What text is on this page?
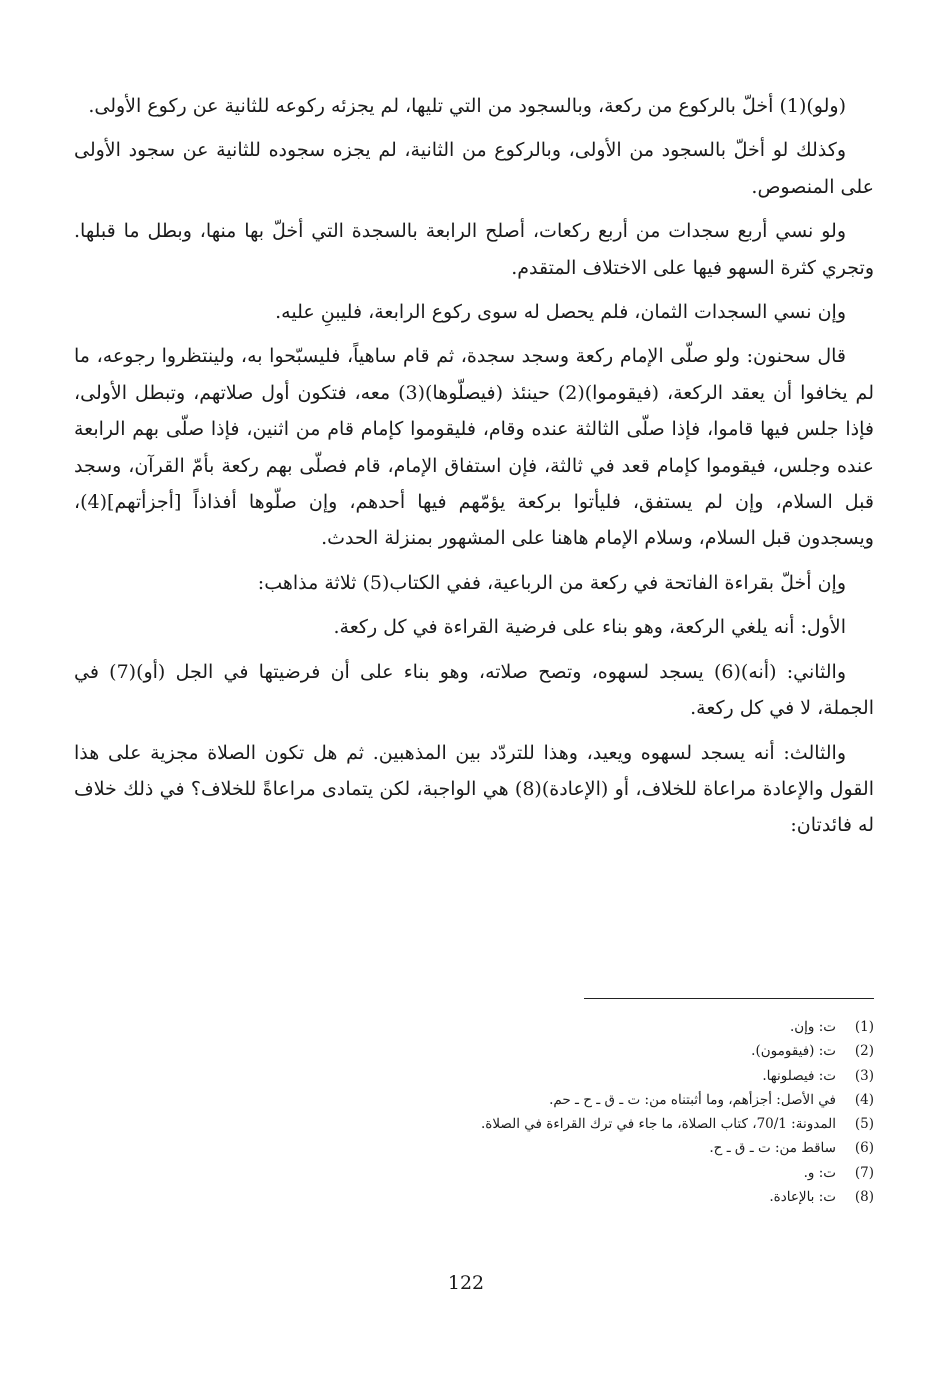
(ولو)(1) أخلّ بالركوع من ركعة، وبالسجود من التي تليها، لم يجزئه ركوعه للثانية عن ركوع الأولى.

وكذلك لو أخلّ بالسجود من الأولى، وبالركوع من الثانية، لم يجزه سجوده للثانية عن سجود الأولى على المنصوص.

ولو نسي أربع سجدات من أربع ركعات، أصلح الرابعة بالسجدة التي أخلّ بها منها، وبطل ما قبلها. وتجري كثرة السهو فيها على الاختلاف المتقدم.

وإن نسي السجدات الثمان، فلم يحصل له سوى ركوع الرابعة، فليبنِ عليه.

قال سحنون: ولو صلّى الإمام ركعة وسجد سجدة، ثم قام ساهياً، فليسبّحوا به، ولينتظروا رجوعه، ما لم يخافوا أن يعقد الركعة، (فيقوموا)(2) حينئذ (فيصلّوها)(3) معه، فتكون أول صلاتهم، وتبطل الأولى، فإذا جلس فيها قاموا، فإذا صلّى الثالثة عنده وقام، فليقوموا كإمام قام من اثنين، فإذا صلّى بهم الرابعة عنده وجلس، فيقوموا كإمام قعد في ثالثة، فإن استفاق الإمام، قام فصلّى بهم ركعة بأمّ القرآن، وسجد قبل السلام، وإن لم يستفق، فليأتوا بركعة يؤمّهم فيها أحدهم، وإن صلّوها أفذاذاً [أجزأتهم](4)، ويسجدون قبل السلام، وسلام الإمام هاهنا على المشهور بمنزلة الحدث.

وإن أخلّ بقراءة الفاتحة في ركعة من الرباعية، ففي الكتاب(5) ثلاثة مذاهب:

الأول: أنه يلغي الركعة، وهو بناء على فرضية القراءة في كل ركعة.

والثاني: (أنه)(6) يسجد لسهوه، وتصح صلاته، وهو بناء على أن فرضيتها في الجل (أو)(7) في الجملة، لا في كل ركعة.

والثالث: أنه يسجد لسهوه ويعيد، وهذا للتردّد بين المذهبين. ثم هل تكون الصلاة مجزية على هذا القول والإعادة مراعاة للخلاف، أو (الإعادة)(8) هي الواجبة، لكن يتمادى مراعاةً للخلاف؟ في ذلك خلاف له فائدتان:

(1)
ت: وإن.
(2)
ت: (فيقومون).
(3)
ت: فيصلونها.
(4)
في الأصل: أجزأهم، وما أثبتناه من: ت ـ ق ـ ح ـ حم.
(5)
المدونة: 70/1، كتاب الصلاة، ما جاء في ترك القراءة في الصلاة.
(6)
ساقط من: ت ـ ق ـ ح.
(7)
ت: و.
(8)
ت: بالإعادة.
122
